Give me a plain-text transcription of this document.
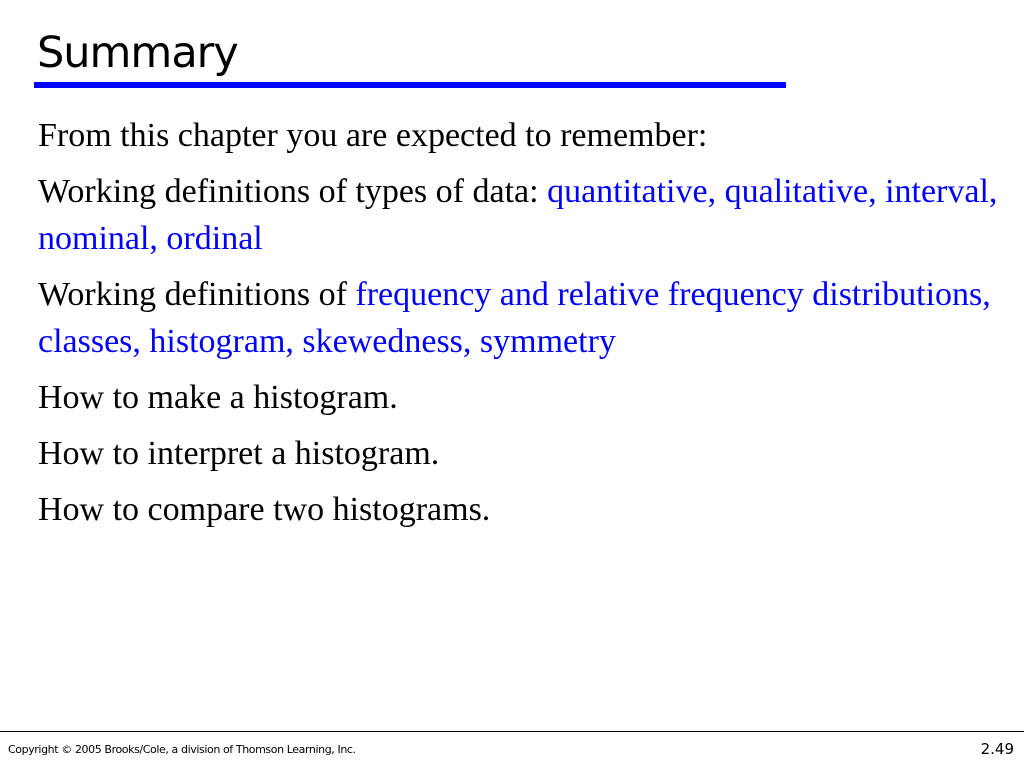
Summary
From this chapter you are expected to remember:
Working definitions of types of data: quantitative, qualitative, interval, nominal, ordinal
Working definitions of frequency and relative frequency distributions, classes, histogram, skewedness, symmetry
How to make a histogram.
How to interpret a histogram.
How to compare two histograms.
Copyright © 2005 Brooks/Cole, a division of Thomson Learning, Inc.	2.49
